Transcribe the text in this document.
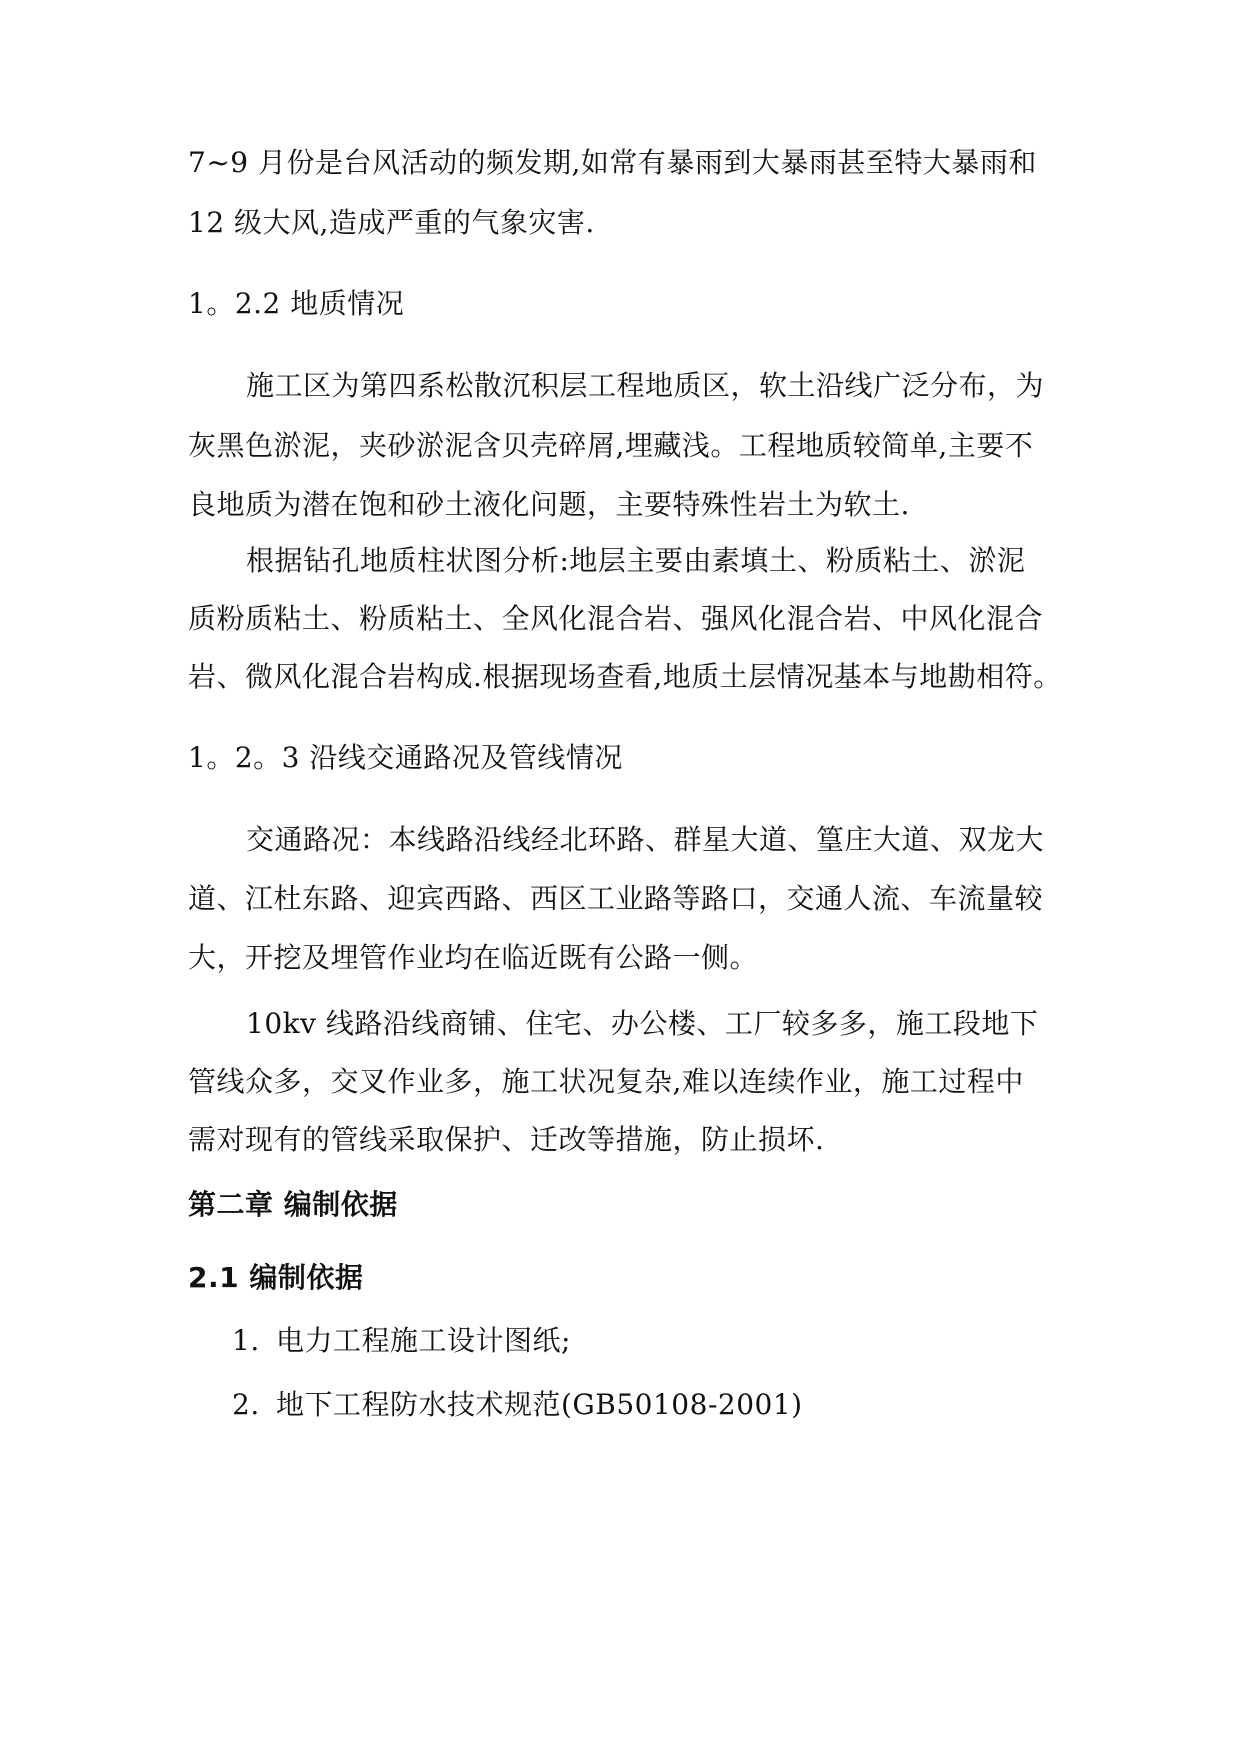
7~9 月份是台风活动的频发期,如常有暴雨到大暴雨甚至特大暴雨和
12 级大风,造成严重的气象灾害.
1。2.2 地质情况
施工区为第四系松散沉积层工程地质区，软土沿线广泛分布，为
灰黑色淤泥，夹砂淤泥含贝壳碎屑,埋藏浅。工程地质较简单,主要不
良地质为潜在饱和砂土液化问题，主要特殊性岩土为软土.
根据钻孔地质柱状图分析:地层主要由素填土、粉质粘土、淤泥
质粉质粘土、粉质粘土、全风化混合岩、强风化混合岩、中风化混合
岩、微风化混合岩构成.根据现场查看,地质土层情况基本与地勘相符。
1。2。3 沿线交通路况及管线情况
交通路况：本线路沿线经北环路、群星大道、篁庄大道、双龙大
道、江杜东路、迎宾西路、西区工业路等路口，交通人流、车流量较
大，开挖及埋管作业均在临近既有公路一侧。
10kv 线路沿线商铺、住宅、办公楼、工厂较多多，施工段地下
管线众多，交叉作业多，施工状况复杂,难以连续作业，施工过程中
需对现有的管线采取保护、迁改等措施，防止损坏.
第二章 编制依据
2.1 编制依据
1. 电力工程施工设计图纸;
2. 地下工程防水技术规范(GB50108-2001)
